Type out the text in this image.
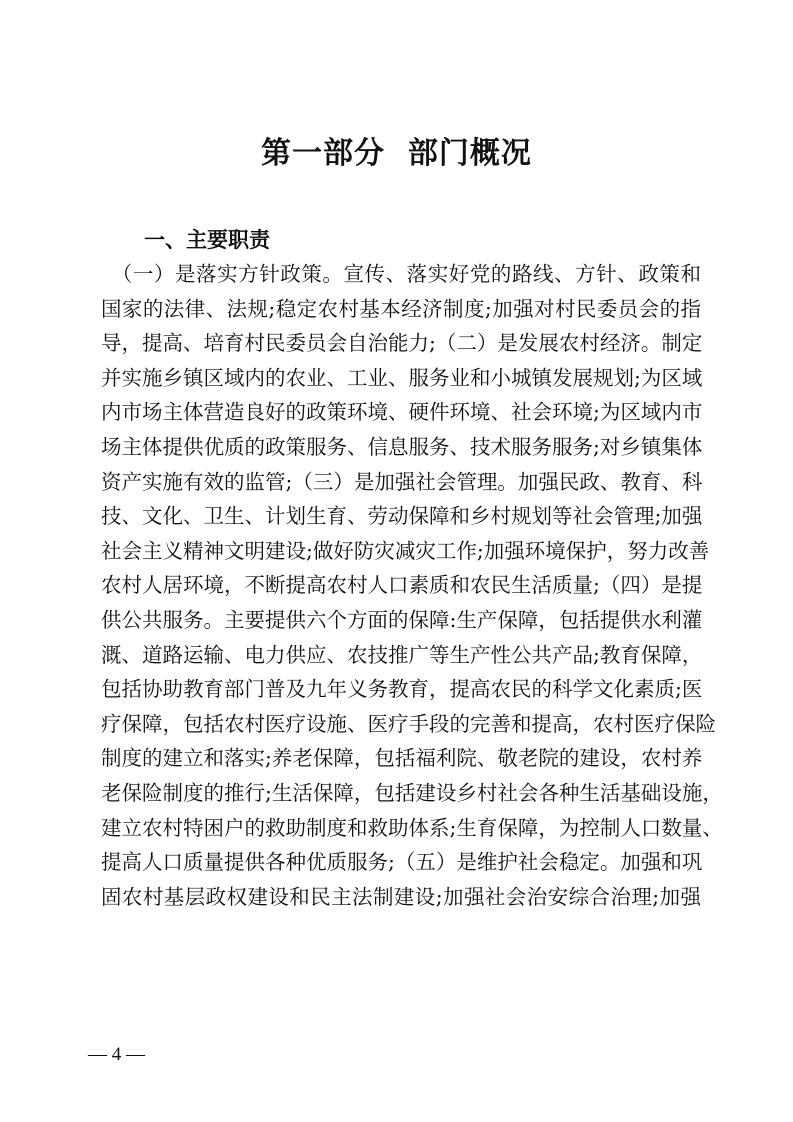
第一部分  部门概况
一、主要职责
　（一）是落实方针政策。宣传、落实好党的路线、方针、政策和
国家的法律、法规;稳定农村基本经济制度;加强对村民委员会的指
导，提高、培育村民委员会自治能力;（二）是发展农村经济。制定
并实施乡镇区域内的农业、工业、服务业和小城镇发展规划;为区域
内市场主体营造良好的政策环境、硬件环境、社会环境;为区域内市
场主体提供优质的政策服务、信息服务、技术服务服务;对乡镇集体
资产实施有效的监管;（三）是加强社会管理。加强民政、教育、科
技、文化、卫生、计划生育、劳动保障和乡村规划等社会管理;加强
社会主义精神文明建设;做好防灾减灾工作;加强环境保护，努力改善
农村人居环境，不断提高农村人口素质和农民生活质量;（四）是提
供公共服务。主要提供六个方面的保障:生产保障，包括提供水利灌
溉、道路运输、电力供应、农技推广等生产性公共产品;教育保障，
包括协助教育部门普及九年义务教育，提高农民的科学文化素质;医
疗保障，包括农村医疗设施、医疗手段的完善和提高，农村医疗保险
制度的建立和落实;养老保障，包括福利院、敬老院的建设，农村养
老保险制度的推行;生活保障，包括建设乡村社会各种生活基础设施，
建立农村特困户的救助制度和救助体系;生育保障，为控制人口数量、
提高人口质量提供各种优质服务;（五）是维护社会稳定。加强和巩
固农村基层政权建设和民主法制建设;加强社会治安综合治理;加强
— 4 —
